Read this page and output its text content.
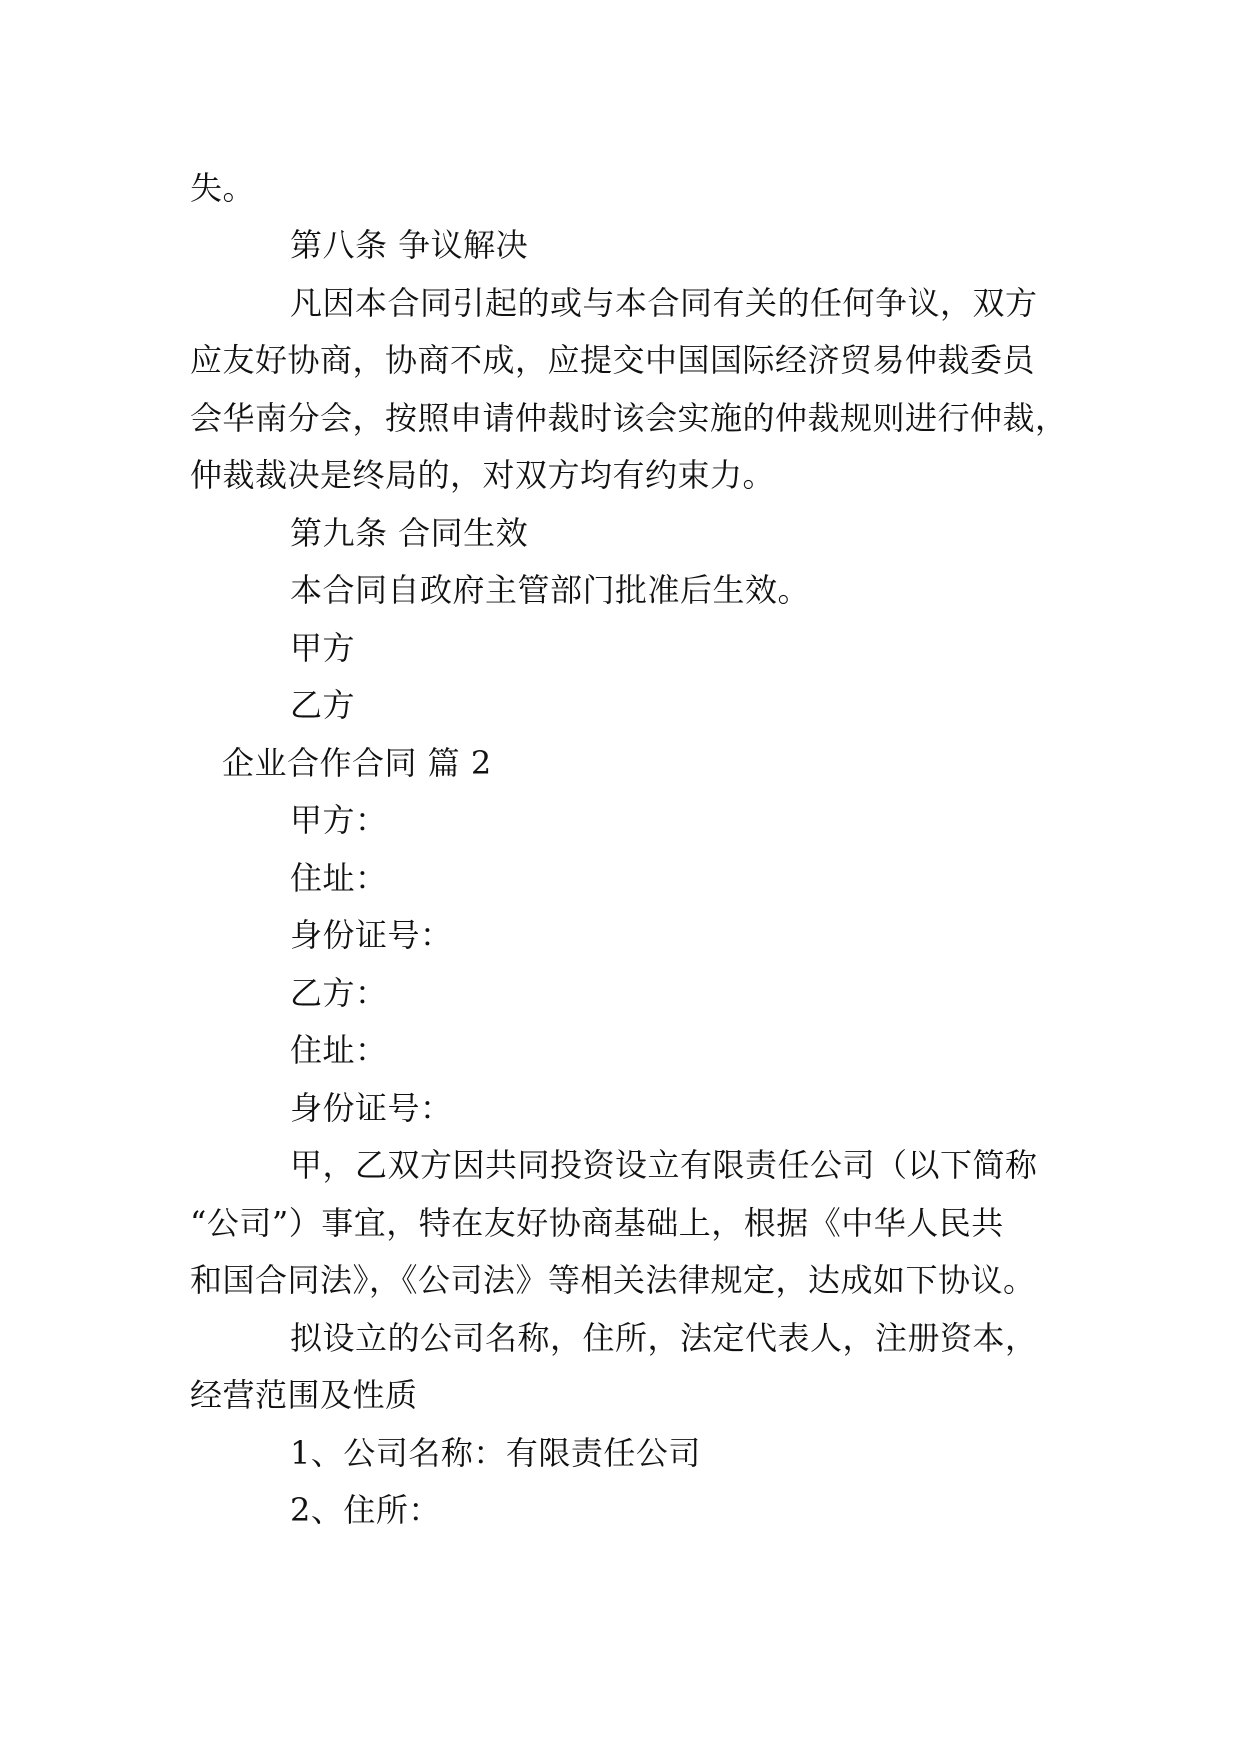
失。
第八条 争议解决
凡因本合同引起的或与本合同有关的任何争议，双方
应友好协商，协商不成，应提交中国国际经济贸易仲裁委员
会华南分会，按照申请仲裁时该会实施的仲裁规则进行仲裁，
仲裁裁决是终局的，对双方均有约束力。
第九条 合同生效
本合同自政府主管部门批准后生效。
甲方
乙方
企业合作合同 篇 2
甲方：
住址：
身份证号：
乙方：
住址：
身份证号：
甲，乙双方因共同投资设立有限责任公司（以下简称
“公司”）事宜，特在友好协商基础上，根据《中华人民共
和国合同法》，《公司法》等相关法律规定，达成如下协议。
拟设立的公司名称，住所，法定代表人，注册资本，
经营范围及性质
1、公司名称：有限责任公司
2、住所：
